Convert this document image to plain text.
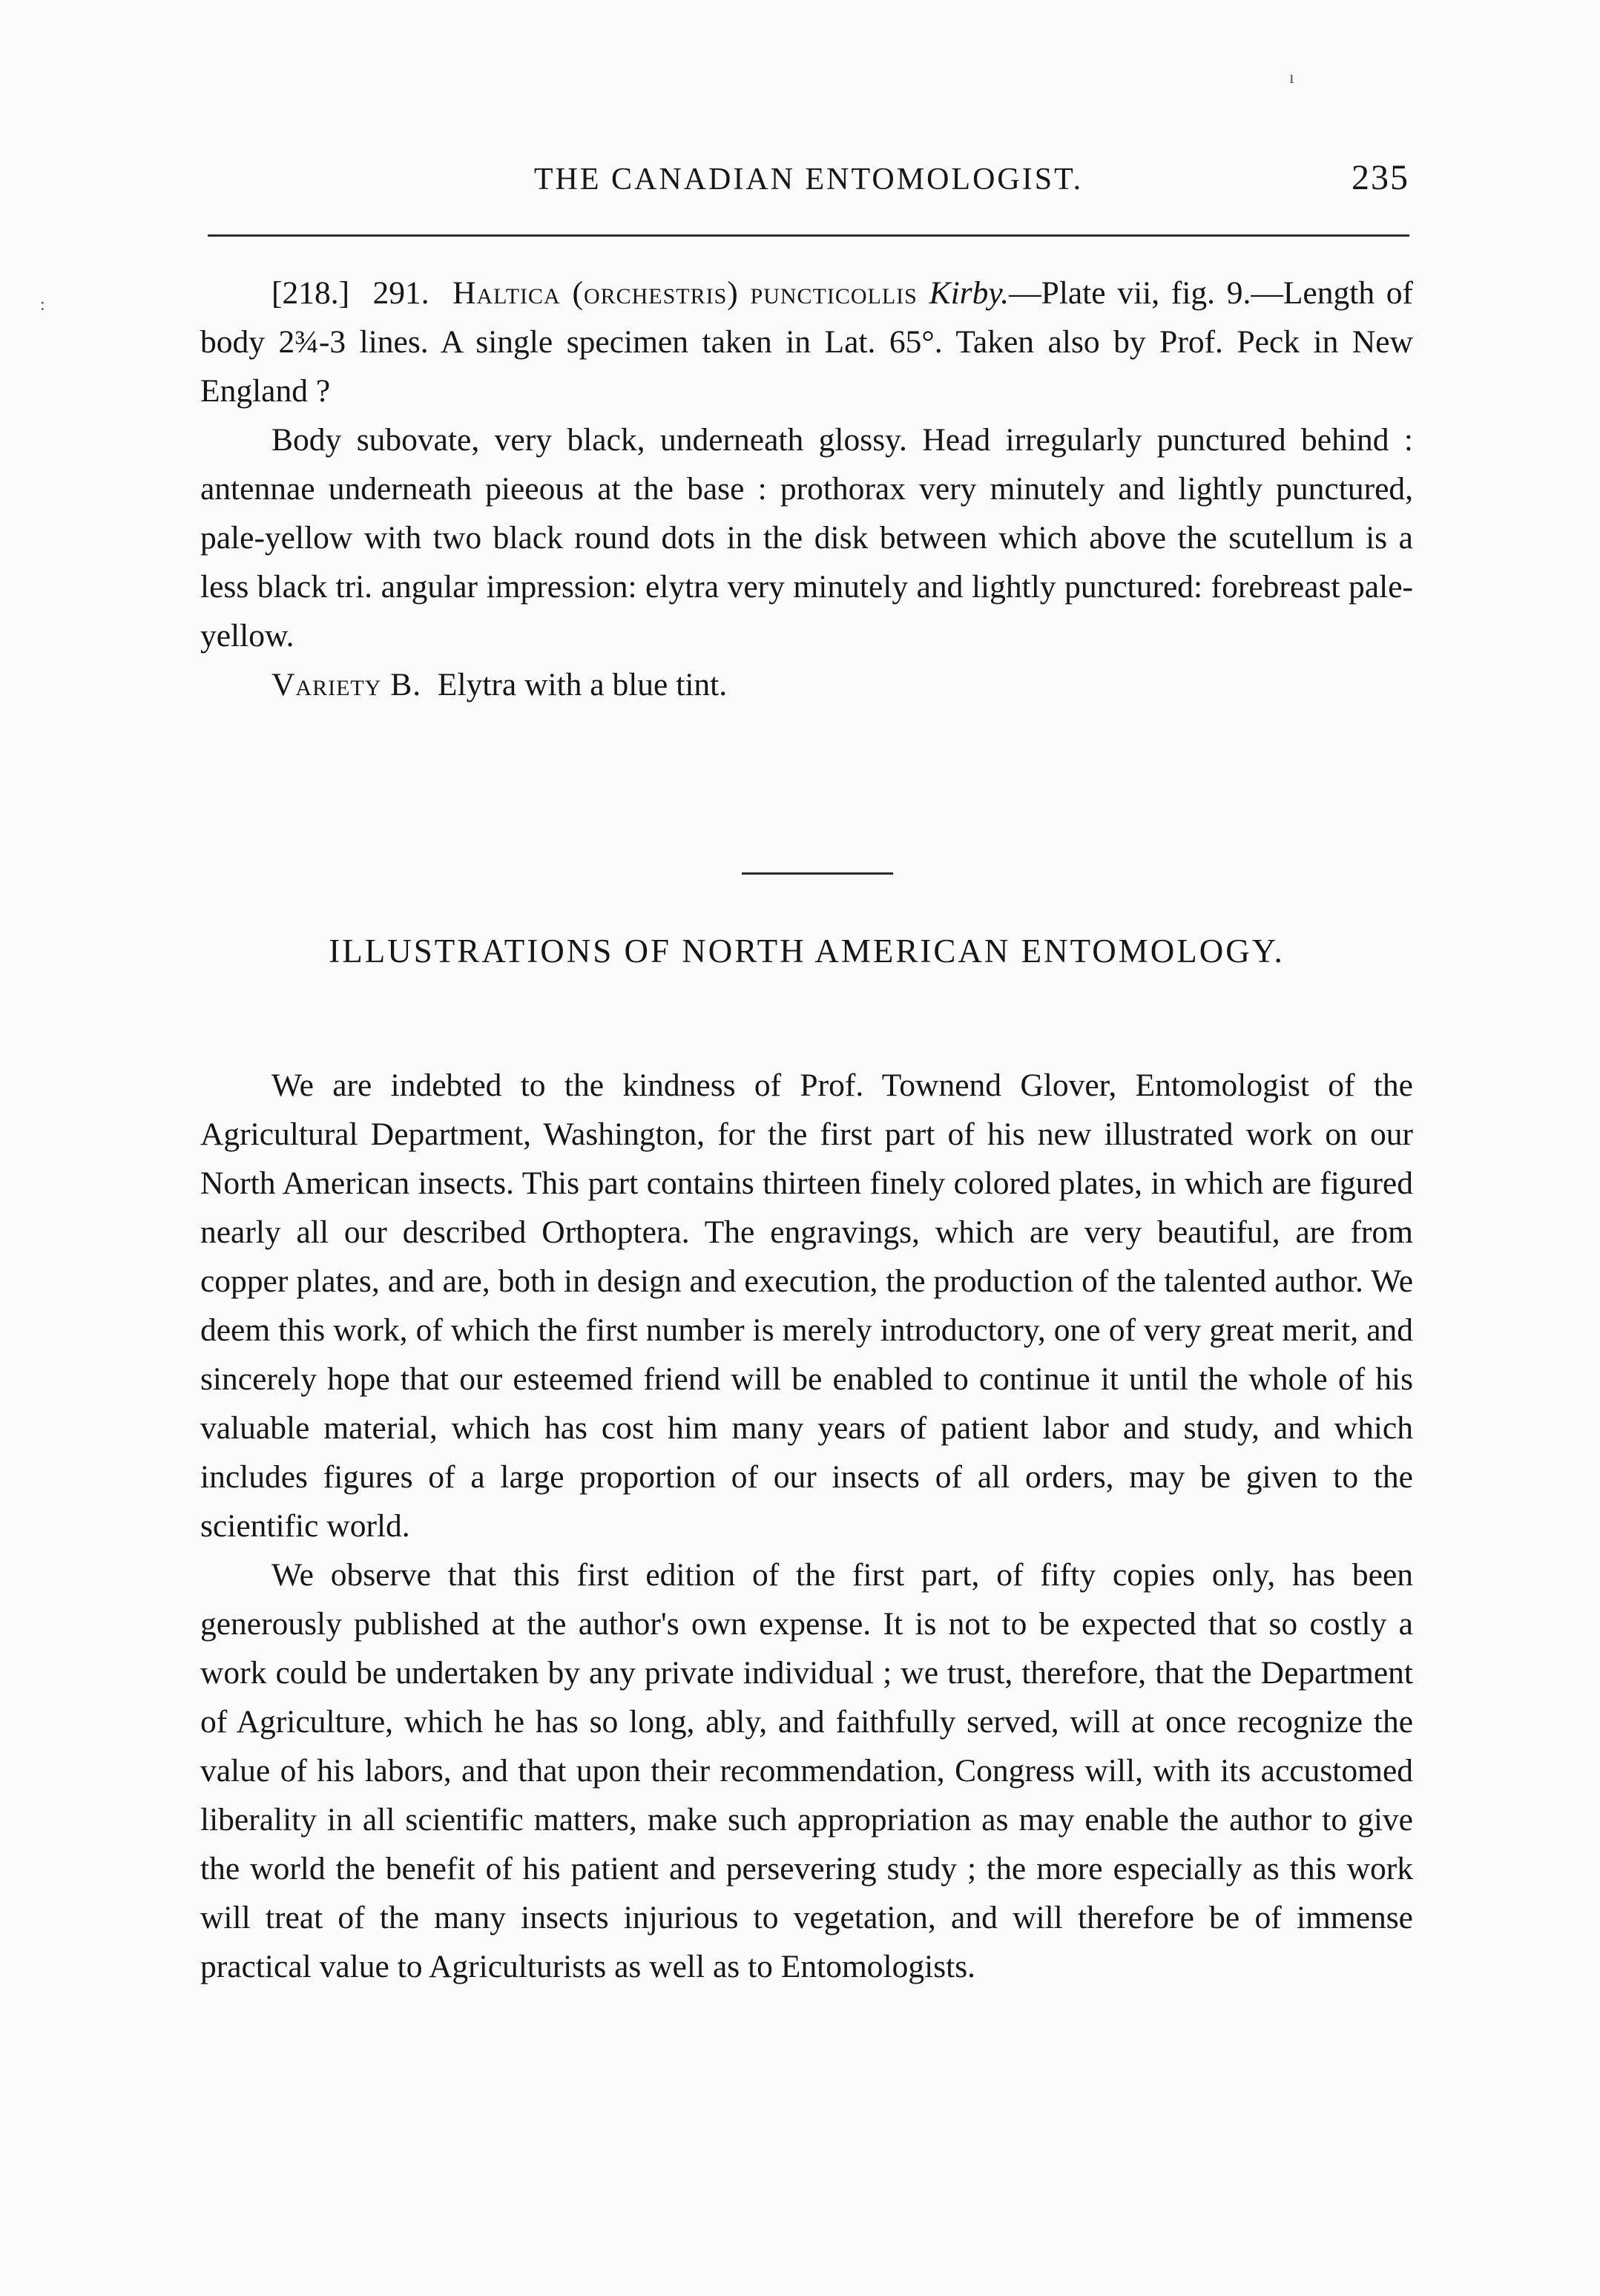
ı
:
THE CANADIAN ENTOMOLOGIST.	235

[218.] 291. Haltica (orchestris) puncticollis Kirby.—Plate vii, fig. 9.—Length of body 2¾-3 lines. A single specimen taken in Lat. 65°. Taken also by Prof. Peck in New England ?

Body subovate, very black, underneath glossy. Head irregularly punctured behind : antennae underneath pieeous at the base : prothorax very minutely and lightly punctured, pale-yellow with two black round dots in the disk between which above the scutellum is a less black tri. angular impression: elytra very minutely and lightly punctured: forebreast pale-yellow.

Variety B. Elytra with a blue tint.

ILLUSTRATIONS OF NORTH AMERICAN ENTOMOLOGY.

We are indebted to the kindness of Prof. Townend Glover, Entomologist of the Agricultural Department, Washington, for the first part of his new illustrated work on our North American insects. This part contains thirteen finely colored plates, in which are figured nearly all our described Orthoptera. The engravings, which are very beautiful, are from copper plates, and are, both in design and execution, the production of the talented author. We deem this work, of which the first number is merely introductory, one of very great merit, and sincerely hope that our esteemed friend will be enabled to continue it until the whole of his valuable material, which has cost him many years of patient labor and study, and which includes figures of a large proportion of our insects of all orders, may be given to the scientific world.

We observe that this first edition of the first part, of fifty copies only, has been generously published at the author's own expense. It is not to be expected that so costly a work could be undertaken by any private individual ; we trust, therefore, that the Department of Agriculture, which he has so long, ably, and faithfully served, will at once recognize the value of his labors, and that upon their recommendation, Congress will, with its accustomed liberality in all scientific matters, make such appropriation as may enable the author to give the world the benefit of his patient and persevering study ; the more especially as this work will treat of the many insects injurious to vegetation, and will therefore be of immense practical value to Agriculturists as well as to Entomologists.
